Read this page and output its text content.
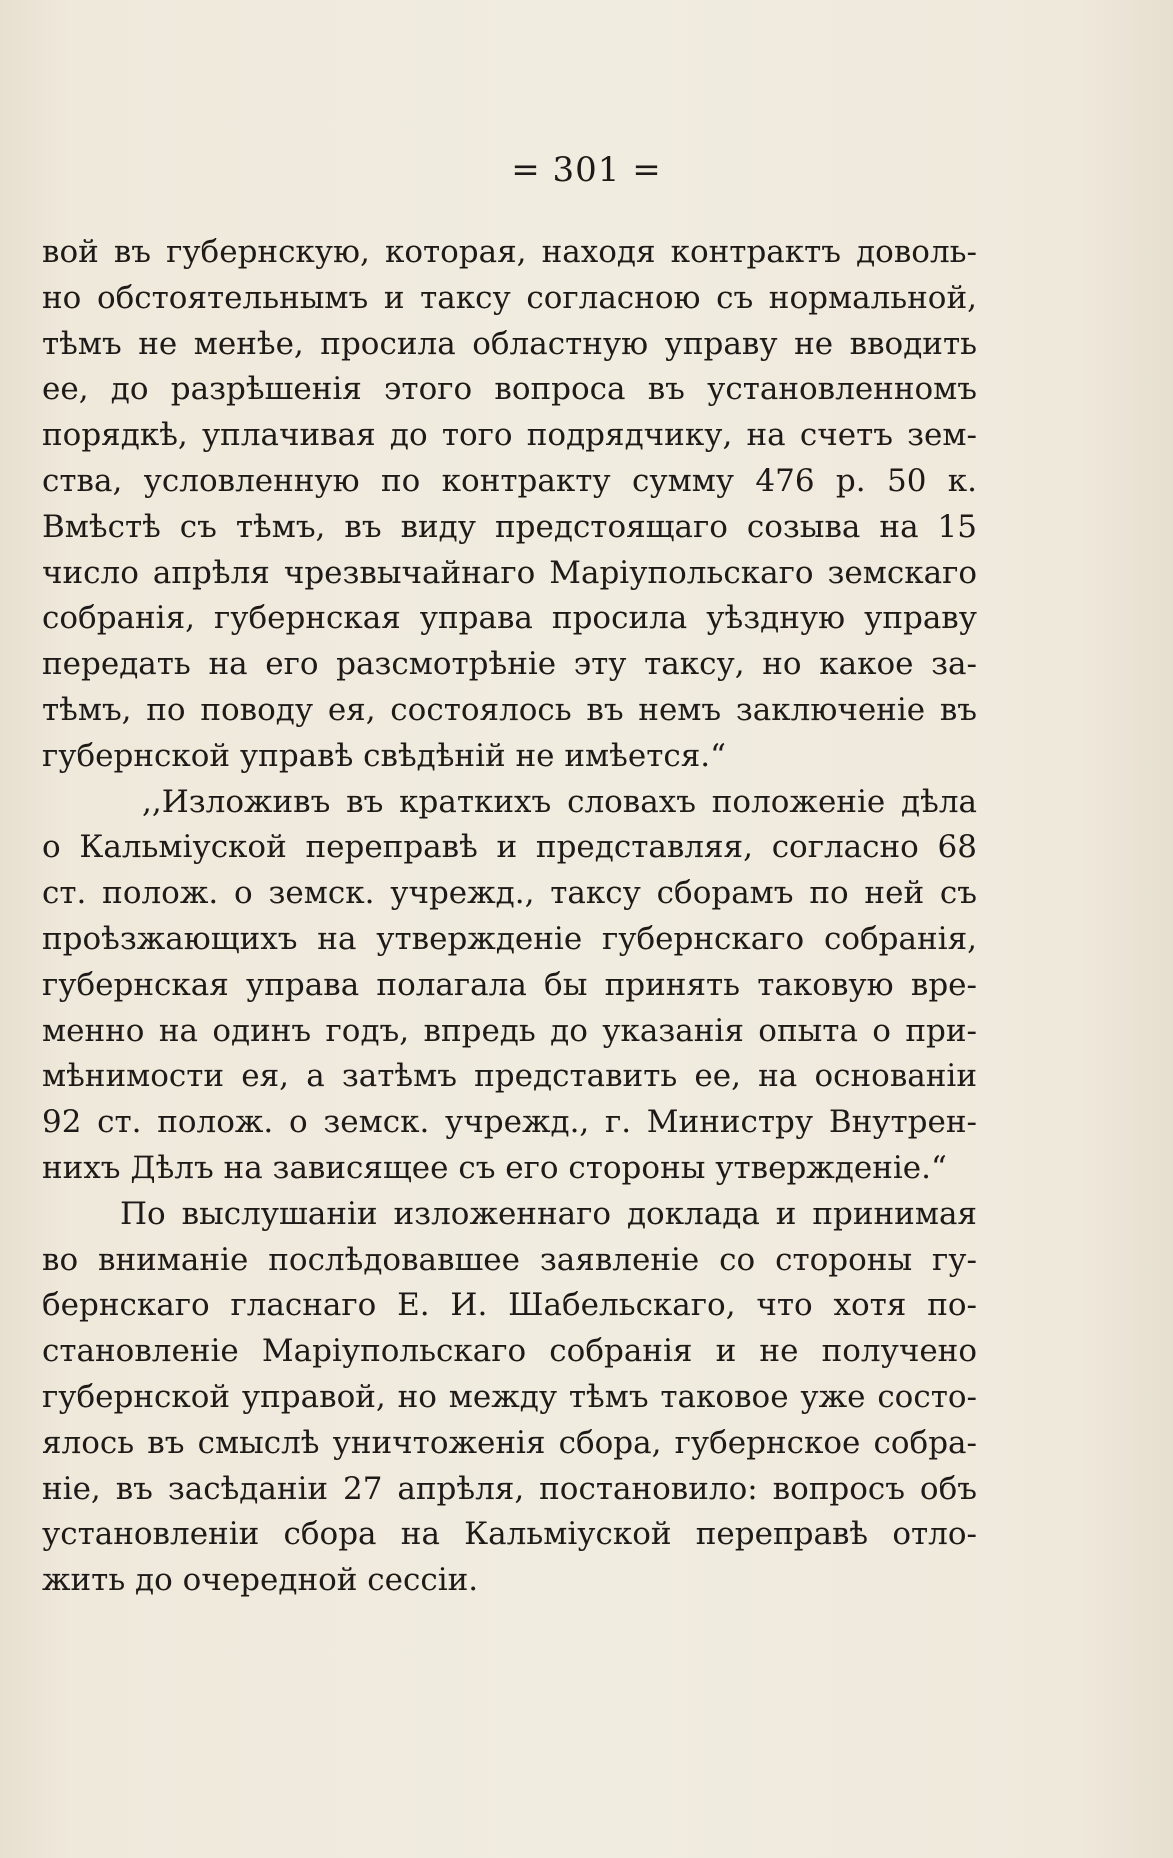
= 301 =
вой въ губернскую, которая, находя контрактъ доволь-
но обстоятельнымъ и таксу согласною съ нормальной,
тѣмъ не менѣе, просила областную управу не вводить
ее, до разрѣшенія этого вопроса въ установленномъ
порядкѣ, уплачивая до того подрядчику, на счетъ зем-
ства, условленную по контракту сумму 476 р. 50 к.
Вмѣстѣ съ тѣмъ, въ виду предстоящаго созыва на 15
число апрѣля чрезвычайнаго Маріупольскаго земскаго
собранія, губернская управа просила уѣздную управу
передать на его разсмотрѣніе эту таксу, но какое за-
тѣмъ, по поводу ея, состоялось въ немъ заключеніе въ
губернской управѣ свѣдѣній не имѣется.“
,,Изложивъ въ краткихъ словахъ положеніе дѣла
о Кальміуской переправѣ и представляя, согласно 68
ст. полож. о земск. учрежд., таксу сборамъ по ней съ
проѣзжающихъ на утвержденіе губернскаго собранія,
губернская управа полагала бы принять таковую вре-
менно на одинъ годъ, впредь до указанія опыта о при-
мѣнимости ея, а затѣмъ представить ее, на основаніи
92 ст. полож. о земск. учрежд., г. Министру Внутрен-
нихъ Дѣлъ на зависящее съ его стороны утвержденіе.“
По выслушаніи изложеннаго доклада и принимая
во вниманіе послѣдовавшее заявленіе со стороны гу-
бернскаго гласнаго Е. И. Шабельскаго, что хотя по-
становленіе Маріупольскаго собранія и не получено
губернской управой, но между тѣмъ таковое уже состо-
ялось въ смыслѣ уничтоженія сбора, губернское собра-
ніе, въ засѣданіи 27 апрѣля, постановило: вопросъ объ
установленіи сбора на Кальміуской переправѣ отло-
жить до очередной сессіи.
